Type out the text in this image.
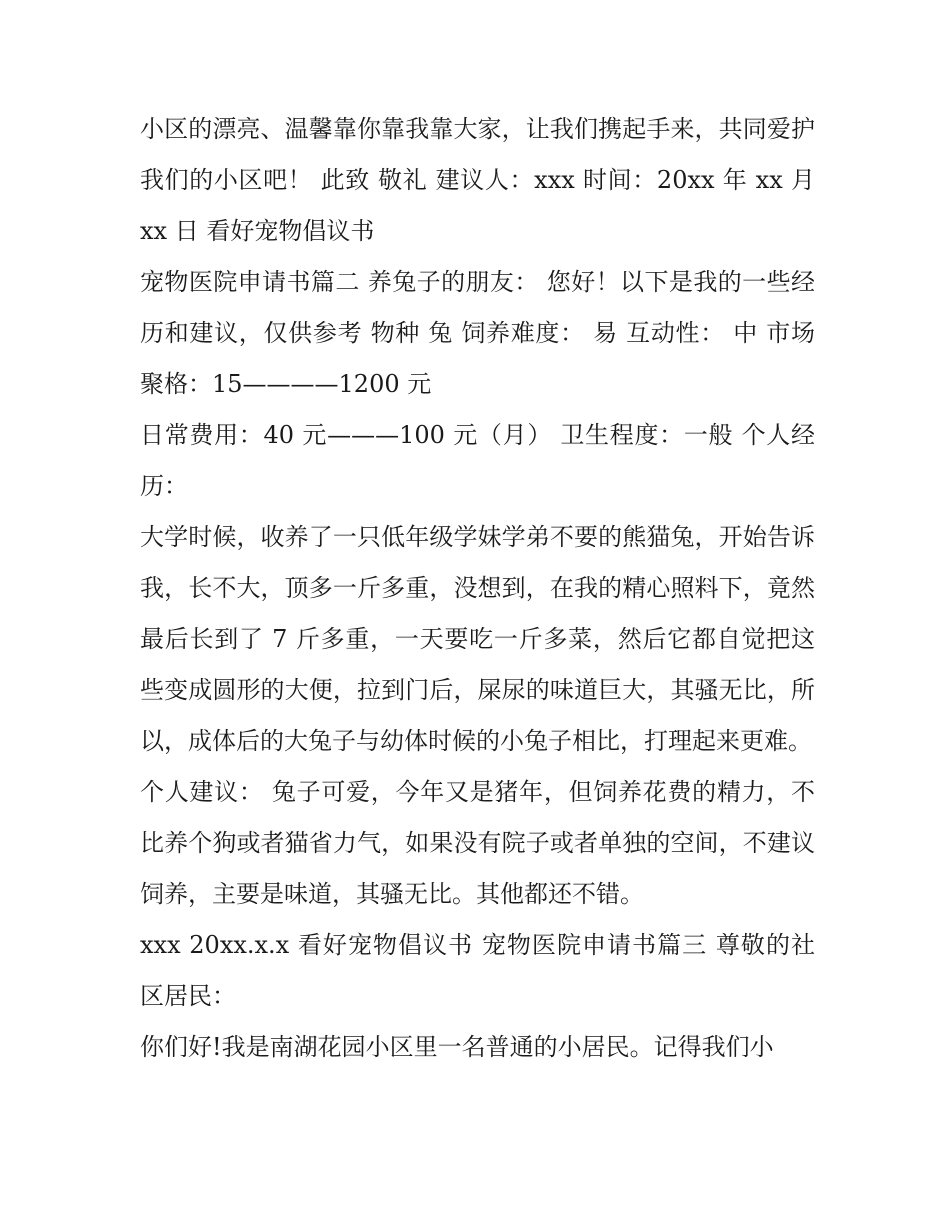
小区的漂亮、温馨靠你靠我靠大家，让我们携起手来，共同爱护我们的小区吧！ 此致 敬礼 建议人：xxx 时间：20xx 年 xx 月 xx 日 看好宠物倡议书

宠物医院申请书篇二 养兔子的朋友： 您好！以下是我的一些经历和建议，仅供参考 物种 兔 饲养难度： 易 互动性： 中 市场聚格：15————1200 元

日常费用：40 元———100 元（月） 卫生程度：一般 个人经历：

大学时候，收养了一只低年级学妹学弟不要的熊猫兔，开始告诉我，长不大，顶多一斤多重，没想到，在我的精心照料下，竟然最后长到了 7 斤多重，一天要吃一斤多菜，然后它都自觉把这些变成圆形的大便，拉到门后，屎尿的味道巨大，其骚无比，所以，成体后的大兔子与幼体时候的小兔子相比，打理起来更难。

个人建议： 兔子可爱，今年又是猪年，但饲养花费的精力，不比养个狗或者猫省力气，如果没有院子或者单独的空间，不建议饲养，主要是味道，其骚无比。其他都还不错。

xxx 20xx.x.x 看好宠物倡议书 宠物医院申请书篇三 尊敬的社区居民：

你们好!我是南湖花园小区里一名普通的小居民。记得我们小
